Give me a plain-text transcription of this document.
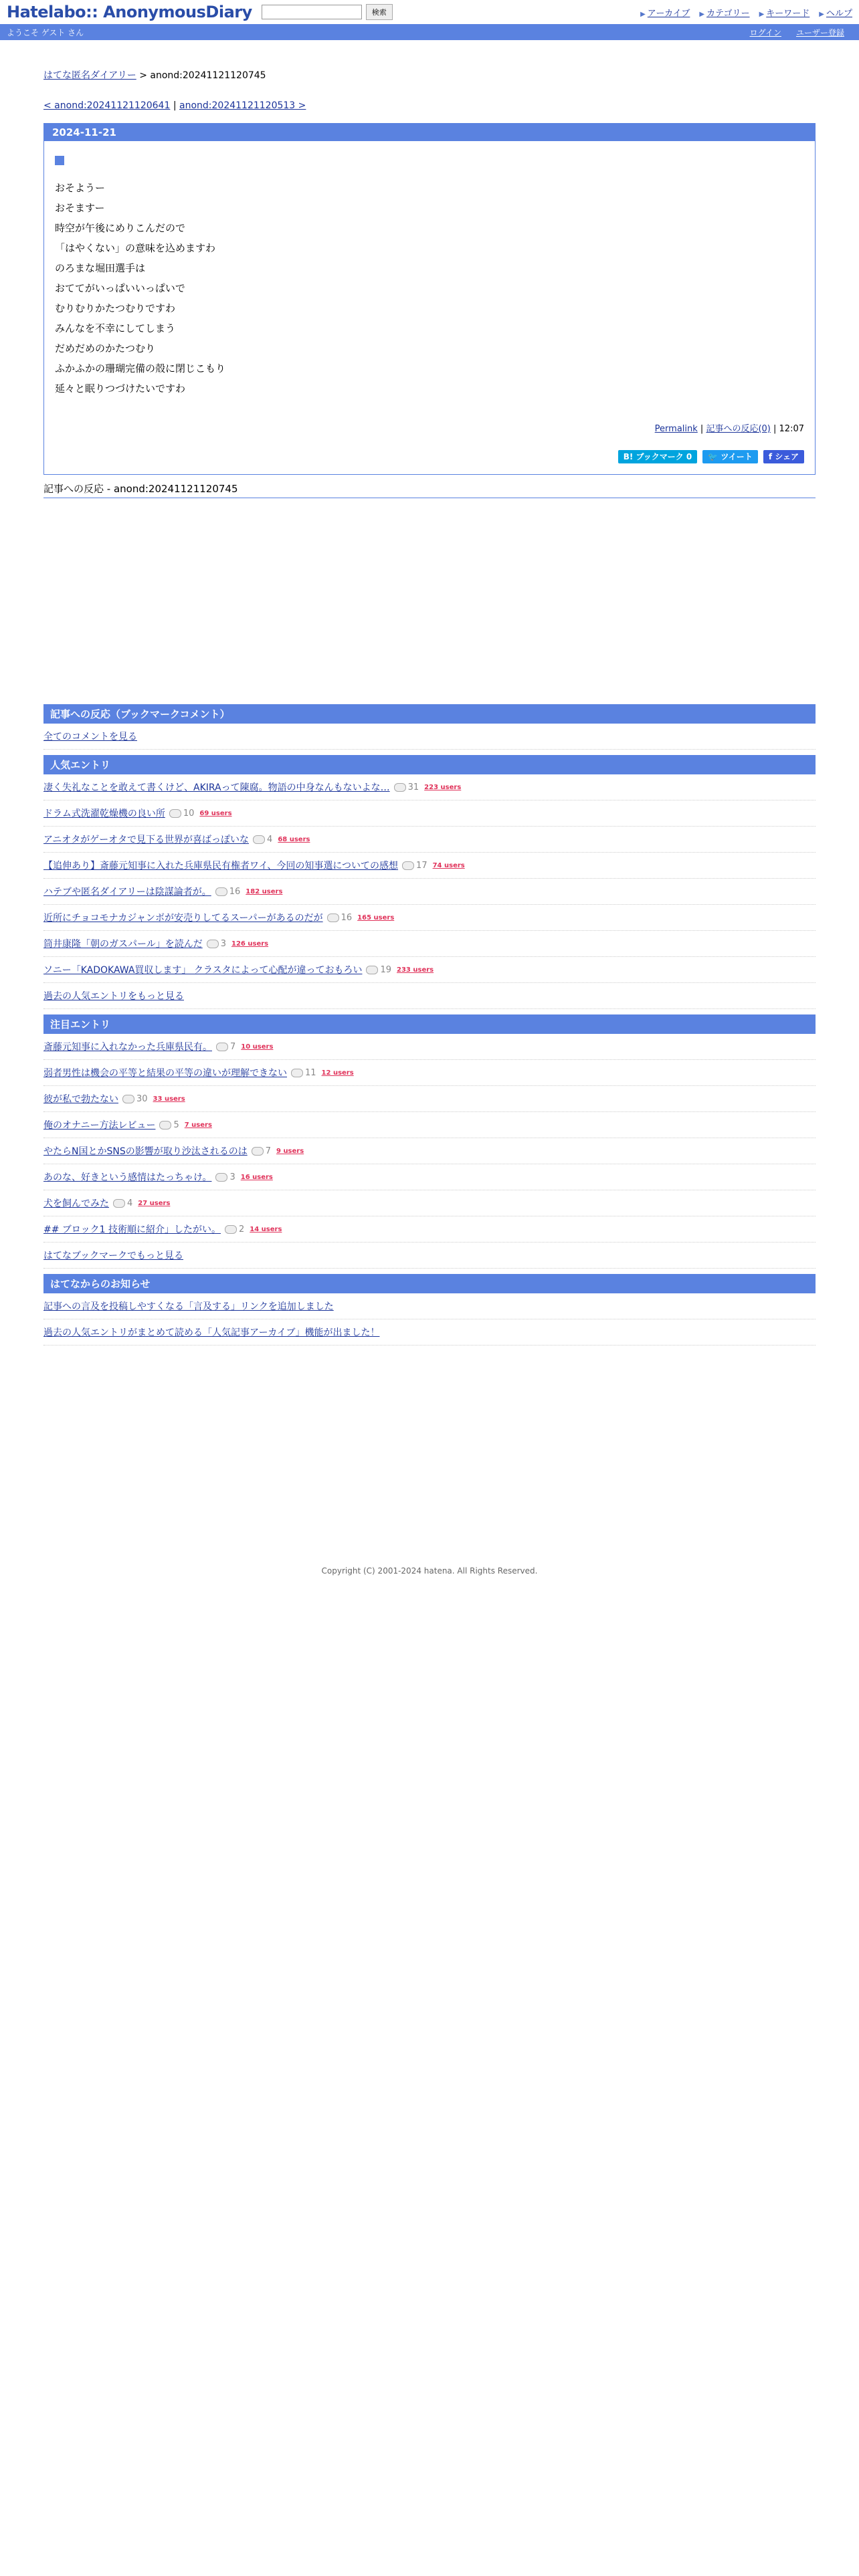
Hatelabo:: AnonymousDiary	検索	▶ アーカイブ ▶ カテゴリー ▶ キーワード ▶ ヘルプ
ようこそ ゲスト さん	ログイン ユーザー登録
はてな匿名ダイアリー > anond:20241121120745
< anond:20241121120641 | anond:20241121120513 >
2024-11-21

おそようー

おそますー

時空が午後にめりこんだので

「はやくない」の意味を込めますわ

のろまな堀田選手は

おててがいっぱいいっぱいで

むりむりかたつむりですわ

みんなを不幸にしてしまう

だめだめのかたつむり

ふかふかの珊瑚完備の殻に閉じこもり

延々と眠りつづけたいですわ

Permalink | 記事への反応(0) | 12:07
B! ブックマーク 0	🐦 ツイート	f シェア
記事への反応 - anond:20241121120745
記事への反応（ブックマークコメント）
全てのコメントを見る
人気エントリ
凄く失礼なことを敢えて書くけど、AKIRAって陳腐。物語の中身なんもないよな… 31 223 users
ドラム式洗濯乾燥機の良い所 10 69 users
アニオタがゲーオタで見下る世界が喜ばっぽいな 4 68 users
【追伸あり】斎藤元知事に入れた兵庫県民有権者ワイ、今回の知事選についての感想 17 74 users
ハテブや匿名ダイアリーは陰謀論者が。 16 182 users
近所にチョコモナカジャンボが安売りしてるスーパーがあるのだが 16 165 users
筒井康隆「朝のガスパール」を読んだ 3 126 users
ソニー「KADOKAWA買収します」 クラスタによって心配が違っておもろい 19 233 users
過去の人気エントリをもっと見る
注目エントリ
斎藤元知事に入れなかった兵庫県民有。 7 10 users
弱者男性は機会の平等と結果の平等の違いが理解できない 11 12 users
彼が私で勃たない 30 33 users
俺のオナニー方法レビュー 5 7 users
やたらN国とかSNSの影響が取り沙汰されるのは 7 9 users
あのな、好きという感情はたっちゃけ。 3 16 users
犬を飼んでみた 4 27 users
## ブロック1 技術順に紹介」したがい。 2 14 users
はてなブックマークでもっと見る
はてなからのお知らせ
記事への言及を投稿しやすくなる「言及する」リンクを追加しました
過去の人気エントリがまとめて読める「人気記事アーカイブ」機能が出ました！
Copyright (C) 2001-2024 hatena. All Rights Reserved.
